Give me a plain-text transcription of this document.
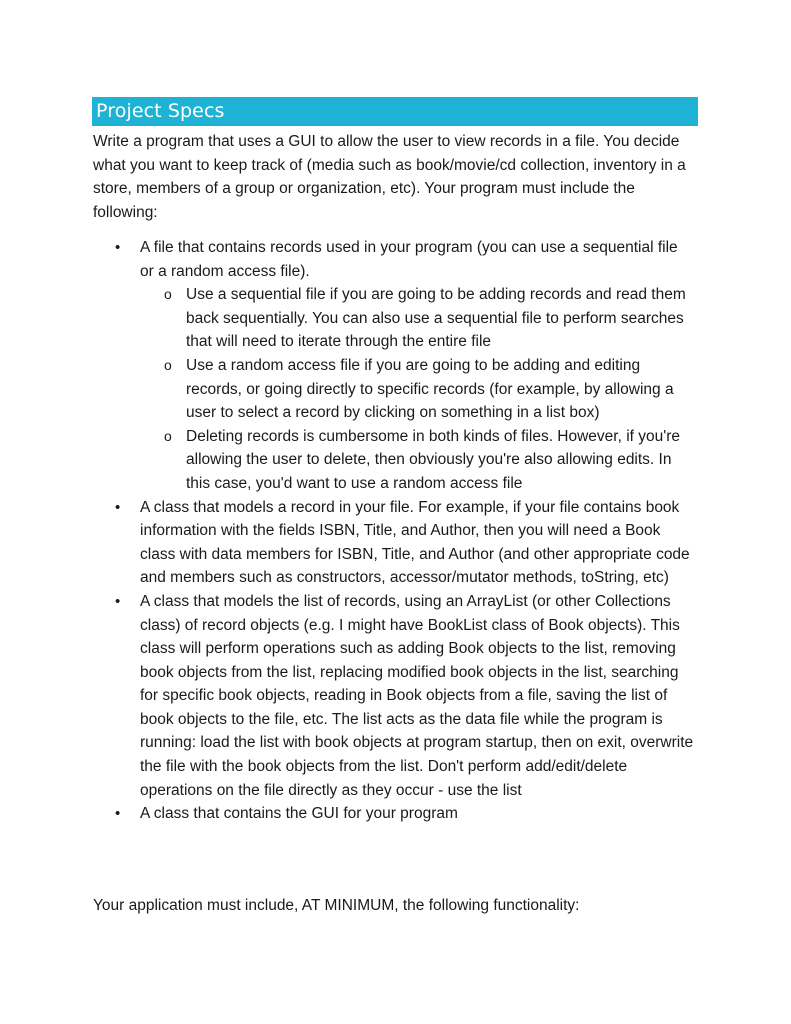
Project Specs

Write a program that uses a GUI to allow the user to view records in a file. You decide what you want to keep track of (media such as book/movie/cd collection, inventory in a store, members of a group or organization, etc). Your program must include the following:

• A file that contains records used in your program (you can use a sequential file or a random access file).
o Use a sequential file if you are going to be adding records and read them back sequentially. You can also use a sequential file to perform searches that will need to iterate through the entire file
o Use a random access file if you are going to be adding and editing records, or going directly to specific records (for example, by allowing a user to select a record by clicking on something in a list box)
o Deleting records is cumbersome in both kinds of files. However, if you're allowing the user to delete, then obviously you're also allowing edits. In this case, you'd want to use a random access file
• A class that models a record in your file. For example, if your file contains book information with the fields ISBN, Title, and Author, then you will need a Book class with data members for ISBN, Title, and Author (and other appropriate code and members such as constructors, accessor/mutator methods, toString, etc)
• A class that models the list of records, using an ArrayList (or other Collections class) of record objects (e.g. I might have BookList class of Book objects). This class will perform operations such as adding Book objects to the list, removing book objects from the list, replacing modified book objects in the list, searching for specific book objects, reading in Book objects from a file, saving the list of book objects to the file, etc. The list acts as the data file while the program is running: load the list with book objects at program startup, then on exit, overwrite the file with the book objects from the list. Don't perform add/edit/delete operations on the file directly as they occur - use the list
• A class that contains the GUI for your program

Your application must include, AT MINIMUM, the following functionality:
